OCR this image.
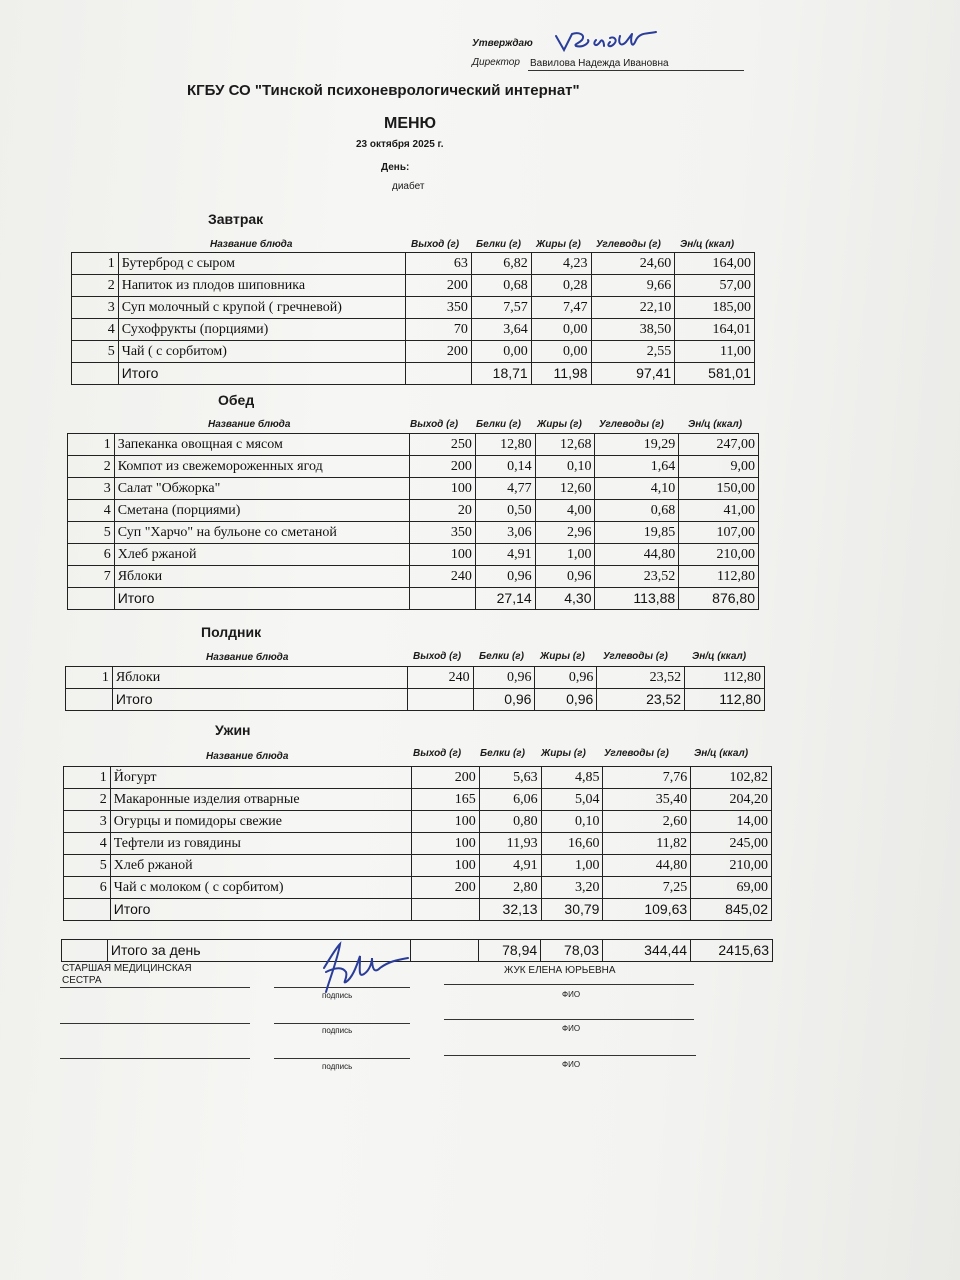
Утверждаю
Директор Вавилова Надежда Ивановна
КГБУ СО "Тинской психоневрологический интернат"
МЕНЮ
23 октября 2025 г.
День:
диабет
Завтрак
Название блюда	Выход (г) Белки (г) Жиры (г) Углеводы (г) Эн/ц (ккал)
1	Бутерброд с сыром	63	6,82	4,23	24,60	164,00
2	Напиток из плодов шиповника	200	0,68	0,28	9,66	57,00
3	Суп молочный с крупой ( гречневой)	350	7,57	7,47	22,10	185,00
4	Сухофрукты (порциями)	70	3,64	0,00	38,50	164,01
5	Чай ( с сорбитом)	200	0,00	0,00	2,55	11,00
	Итого		18,71	11,98	97,41	581,01
Обед
Название блюда	Выход (г) Белки (г) Жиры (г) Углеводы (г) Эн/ц (ккал)
1	Запеканка овощная с мясом	250	12,80	12,68	19,29	247,00
2	Компот из свежемороженных ягод	200	0,14	0,10	1,64	9,00
3	Салат "Обжорка"	100	4,77	12,60	4,10	150,00
4	Сметана (порциями)	20	0,50	4,00	0,68	41,00
5	Суп "Харчо" на бульоне со сметаной	350	3,06	2,96	19,85	107,00
6	Хлеб ржаной	100	4,91	1,00	44,80	210,00
7	Яблоки	240	0,96	0,96	23,52	112,80
	Итого		27,14	4,30	113,88	876,80
Полдник
Название блюда	Выход (г) Белки (г) Жиры (г) Углеводы (г) Эн/ц (ккал)
1	Яблоки	240	0,96	0,96	23,52	112,80
	Итого		0,96	0,96	23,52	112,80
Ужин
Название блюда	Выход (г) Белки (г) Жиры (г) Углеводы (г)	Эн/ц (ккал)
1	Йогурт	200	5,63	4,85	7,76	102,82
2	Макаронные изделия отварные	165	6,06	5,04	35,40	204,20
3	Огурцы и помидоры свежие	100	0,80	0,10	2,60	14,00
4	Тефтели из говядины	100	11,93	16,60	11,82	245,00
5	Хлеб ржаной	100	4,91	1,00	44,80	210,00
6	Чай с молоком ( с сорбитом)	200	2,80	3,20	7,25	69,00
	Итого		32,13	30,79	109,63	845,02
	Итого за день		78,94	78,03	344,44	2415,63
СТАРШАЯ МЕДИЦИНСКАЯ СЕСТРА
подпись
ЖУК ЕЛЕНА ЮРЬЕВНА
ФИО
подпись	ФИО
подпись	ФИО
